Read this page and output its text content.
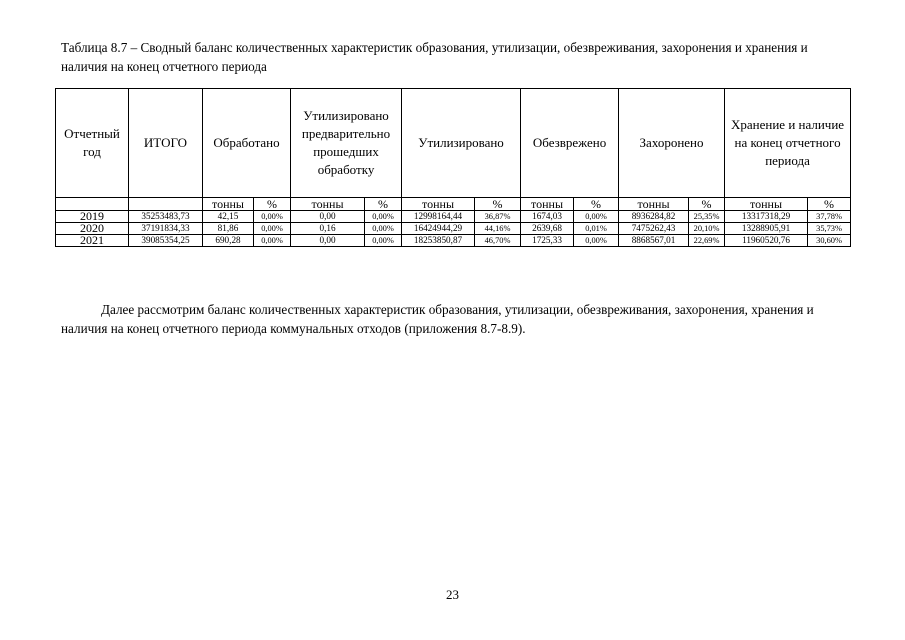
Таблица 8.7 – Сводный баланс количественных характеристик образования, утилизации, обезвреживания, захоронения и хранения и наличия на конец отчетного периода
Отчетный год	ИТОГО	Обработано		Утилизировано предварительно прошедших обработку		Утилизировано		Обезврежено		Захоронено		Хранение и наличие на конец отчетного периода	
		тонны	%	тонны	%	тонны	%	тонны	%	тонны	%	тонны	%
2019	35253483,73	42,15	0,00%	0,00	0,00%	12998164,44	36,87%	1674,03	0,00%	8936284,82	25,35%	13317318,29	37,78%
2020	37191834,33	81,86	0,00%	0,16	0,00%	16424944,29	44,16%	2639,68	0,01%	7475262,43	20,10%	13288905,91	35,73%
2021	39085354,25	690,28	0,00%	0,00	0,00%	18253850,87	46,70%	1725,33	0,00%	8868567,01	22,69%	11960520,76	30,60%

Далее рассмотрим баланс количественных характеристик образования, утилизации, обезвреживания, захоронения, хранения и наличия на конец отчетного периода коммунальных отходов (приложения 8.7-8.9).

23
